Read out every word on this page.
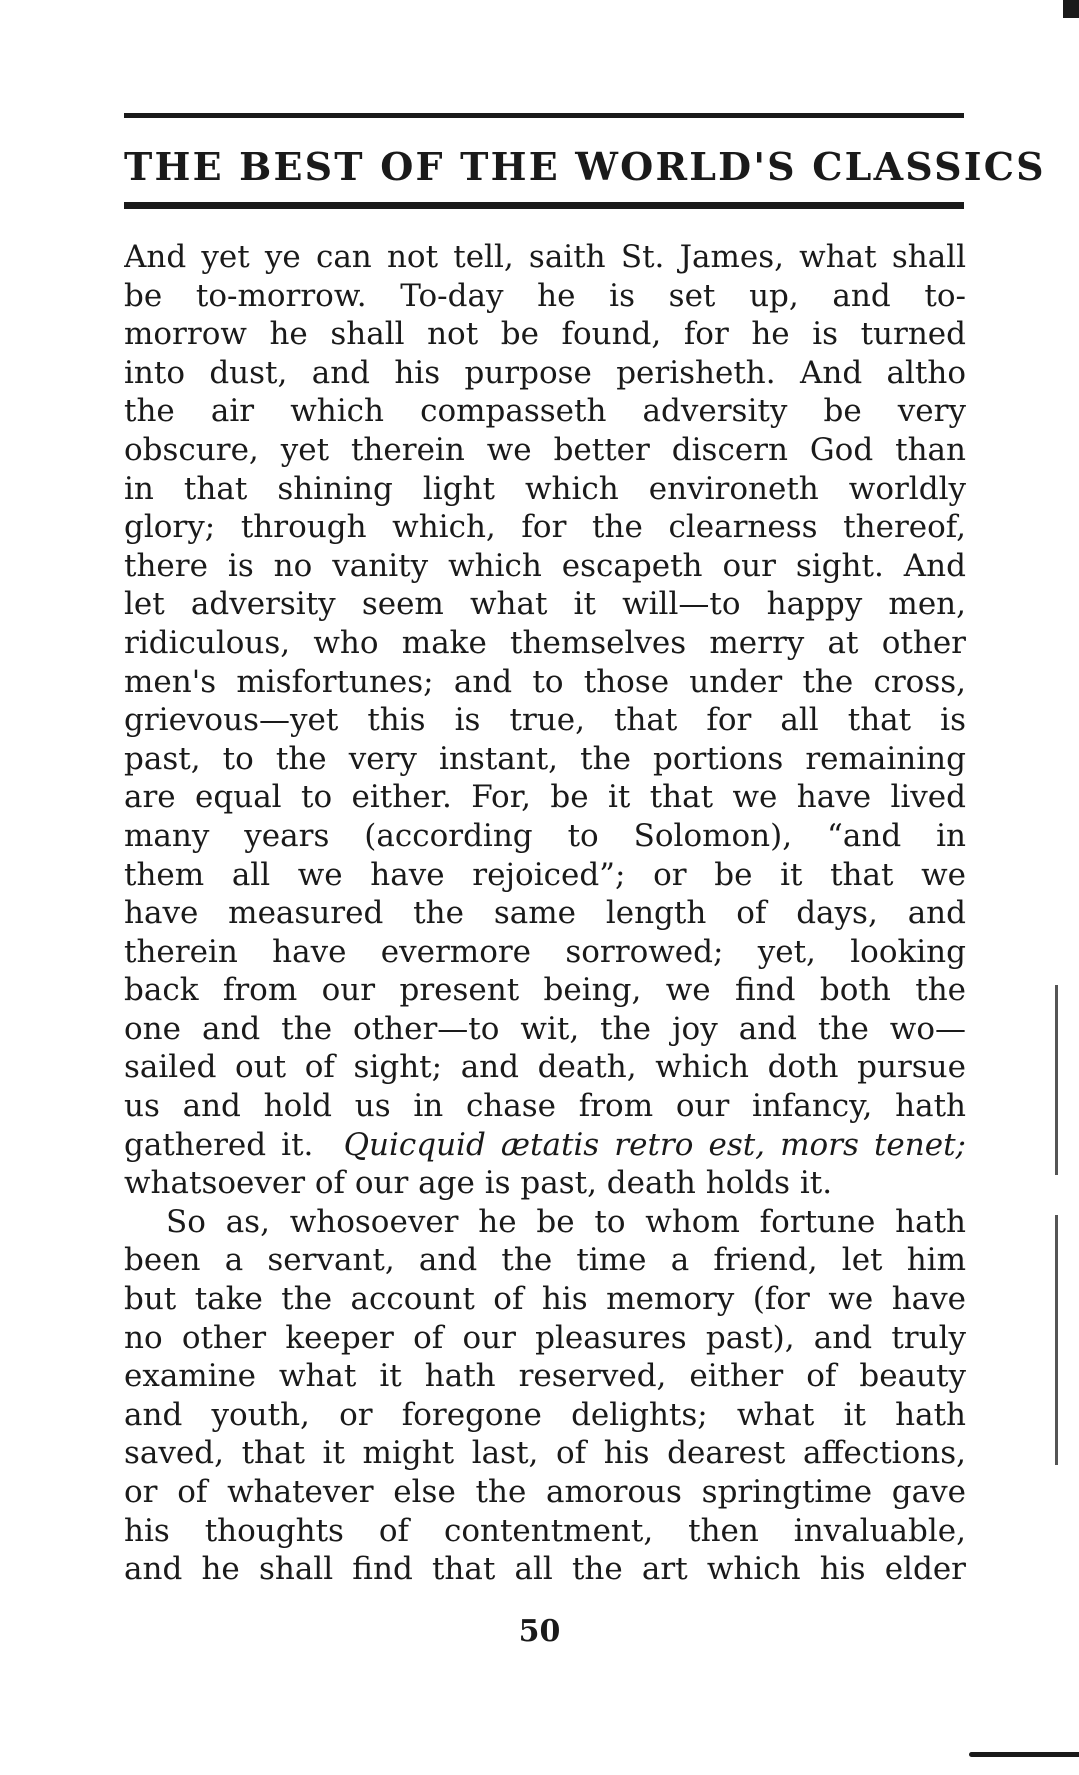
THE BEST OF THE WORLD'S CLASSICS
And yet ye can not tell, saith St. James, what shall
be to-morrow. To-day he is set up, and to-
morrow he shall not be found, for he is turned
into dust, and his purpose perisheth. And altho
the air which compasseth adversity be very
obscure, yet therein we better discern God than
in that shining light which environeth worldly
glory; through which, for the clearness thereof,
there is no vanity which escapeth our sight. And
let adversity seem what it will—to happy men,
ridiculous, who make themselves merry at other
men's misfortunes; and to those under the cross,
grievous—yet this is true, that for all that is
past, to the very instant, the portions remaining
are equal to either. For, be it that we have lived
many years (according to Solomon), “and in
them all we have rejoiced”; or be it that we
have measured the same length of days, and
therein have evermore sorrowed; yet, looking
back from our present being, we find both the
one and the other—to wit, the joy and the wo—
sailed out of sight; and death, which doth pursue
us and hold us in chase from our infancy, hath
gathered it. Quicquid ætatis retro est, mors tenet;
whatsoever of our age is past, death holds it.
So as, whosoever he be to whom fortune hath
been a servant, and the time a friend, let him
but take the account of his memory (for we have
no other keeper of our pleasures past), and truly
examine what it hath reserved, either of beauty
and youth, or foregone delights; what it hath
saved, that it might last, of his dearest affections,
or of whatever else the amorous springtime gave
his thoughts of contentment, then invaluable,
and he shall find that all the art which his elder
50
